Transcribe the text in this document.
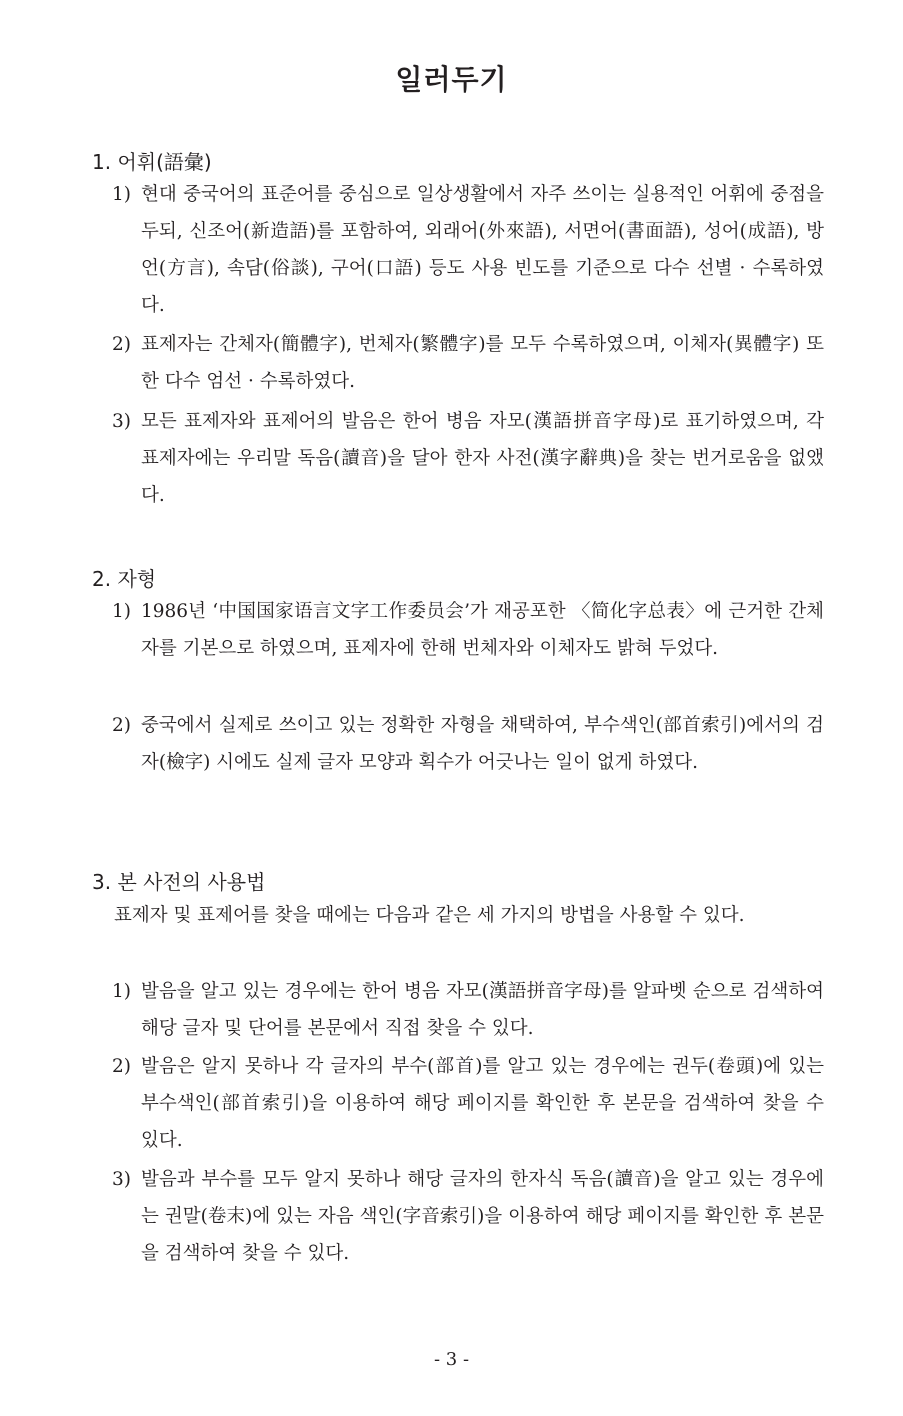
일러두기
1. 어휘(語彙)
1) 현대 중국어의 표준어를 중심으로 일상생활에서 자주 쓰이는 실용적인 어휘에 중점을 두되, 신조어(新造語)를 포함하여, 외래어(外來語), 서면어(書面語), 성어(成語), 방언(方言), 속담(俗談), 구어(口語) 등도 사용 빈도를 기준으로 다수 선별 · 수록하였다.
2) 표제자는 간체자(簡體字), 번체자(繁體字)를 모두 수록하였으며, 이체자(異體字) 또한 다수 엄선 · 수록하였다.
3) 모든 표제자와 표제어의 발음은 한어 병음 자모(漢語拼音字母)로 표기하였으며, 각 표제자에는 우리말 독음(讀音)을 달아 한자 사전(漢字辭典)을 찾는 번거로움을 없앴다.
2. 자형
1) 1986년 ‘中国国家语言文字工作委员会’가 재공포한 〈简化字总表〉에 근거한 간체자를 기본으로 하였으며, 표제자에 한해 번체자와 이체자도 밝혀 두었다.
2) 중국에서 실제로 쓰이고 있는 정확한 자형을 채택하여, 부수색인(部首索引)에서의 검자(檢字) 시에도 실제 글자 모양과 획수가 어긋나는 일이 없게 하였다.
3. 본 사전의 사용법
표제자 및 표제어를 찾을 때에는 다음과 같은 세 가지의 방법을 사용할 수 있다.
1) 발음을 알고 있는 경우에는 한어 병음 자모(漢語拼音字母)를 알파벳 순으로 검색하여 해당 글자 및 단어를 본문에서 직접 찾을 수 있다.
2) 발음은 알지 못하나 각 글자의 부수(部首)를 알고 있는 경우에는 권두(卷頭)에 있는 부수색인(部首索引)을 이용하여 해당 페이지를 확인한 후 본문을 검색하여 찾을 수 있다.
3) 발음과 부수를 모두 알지 못하나 해당 글자의 한자식 독음(讀音)을 알고 있는 경우에는 권말(卷末)에 있는 자음 색인(字音索引)을 이용하여 해당 페이지를 확인한 후 본문을 검색하여 찾을 수 있다.
- 3 -
